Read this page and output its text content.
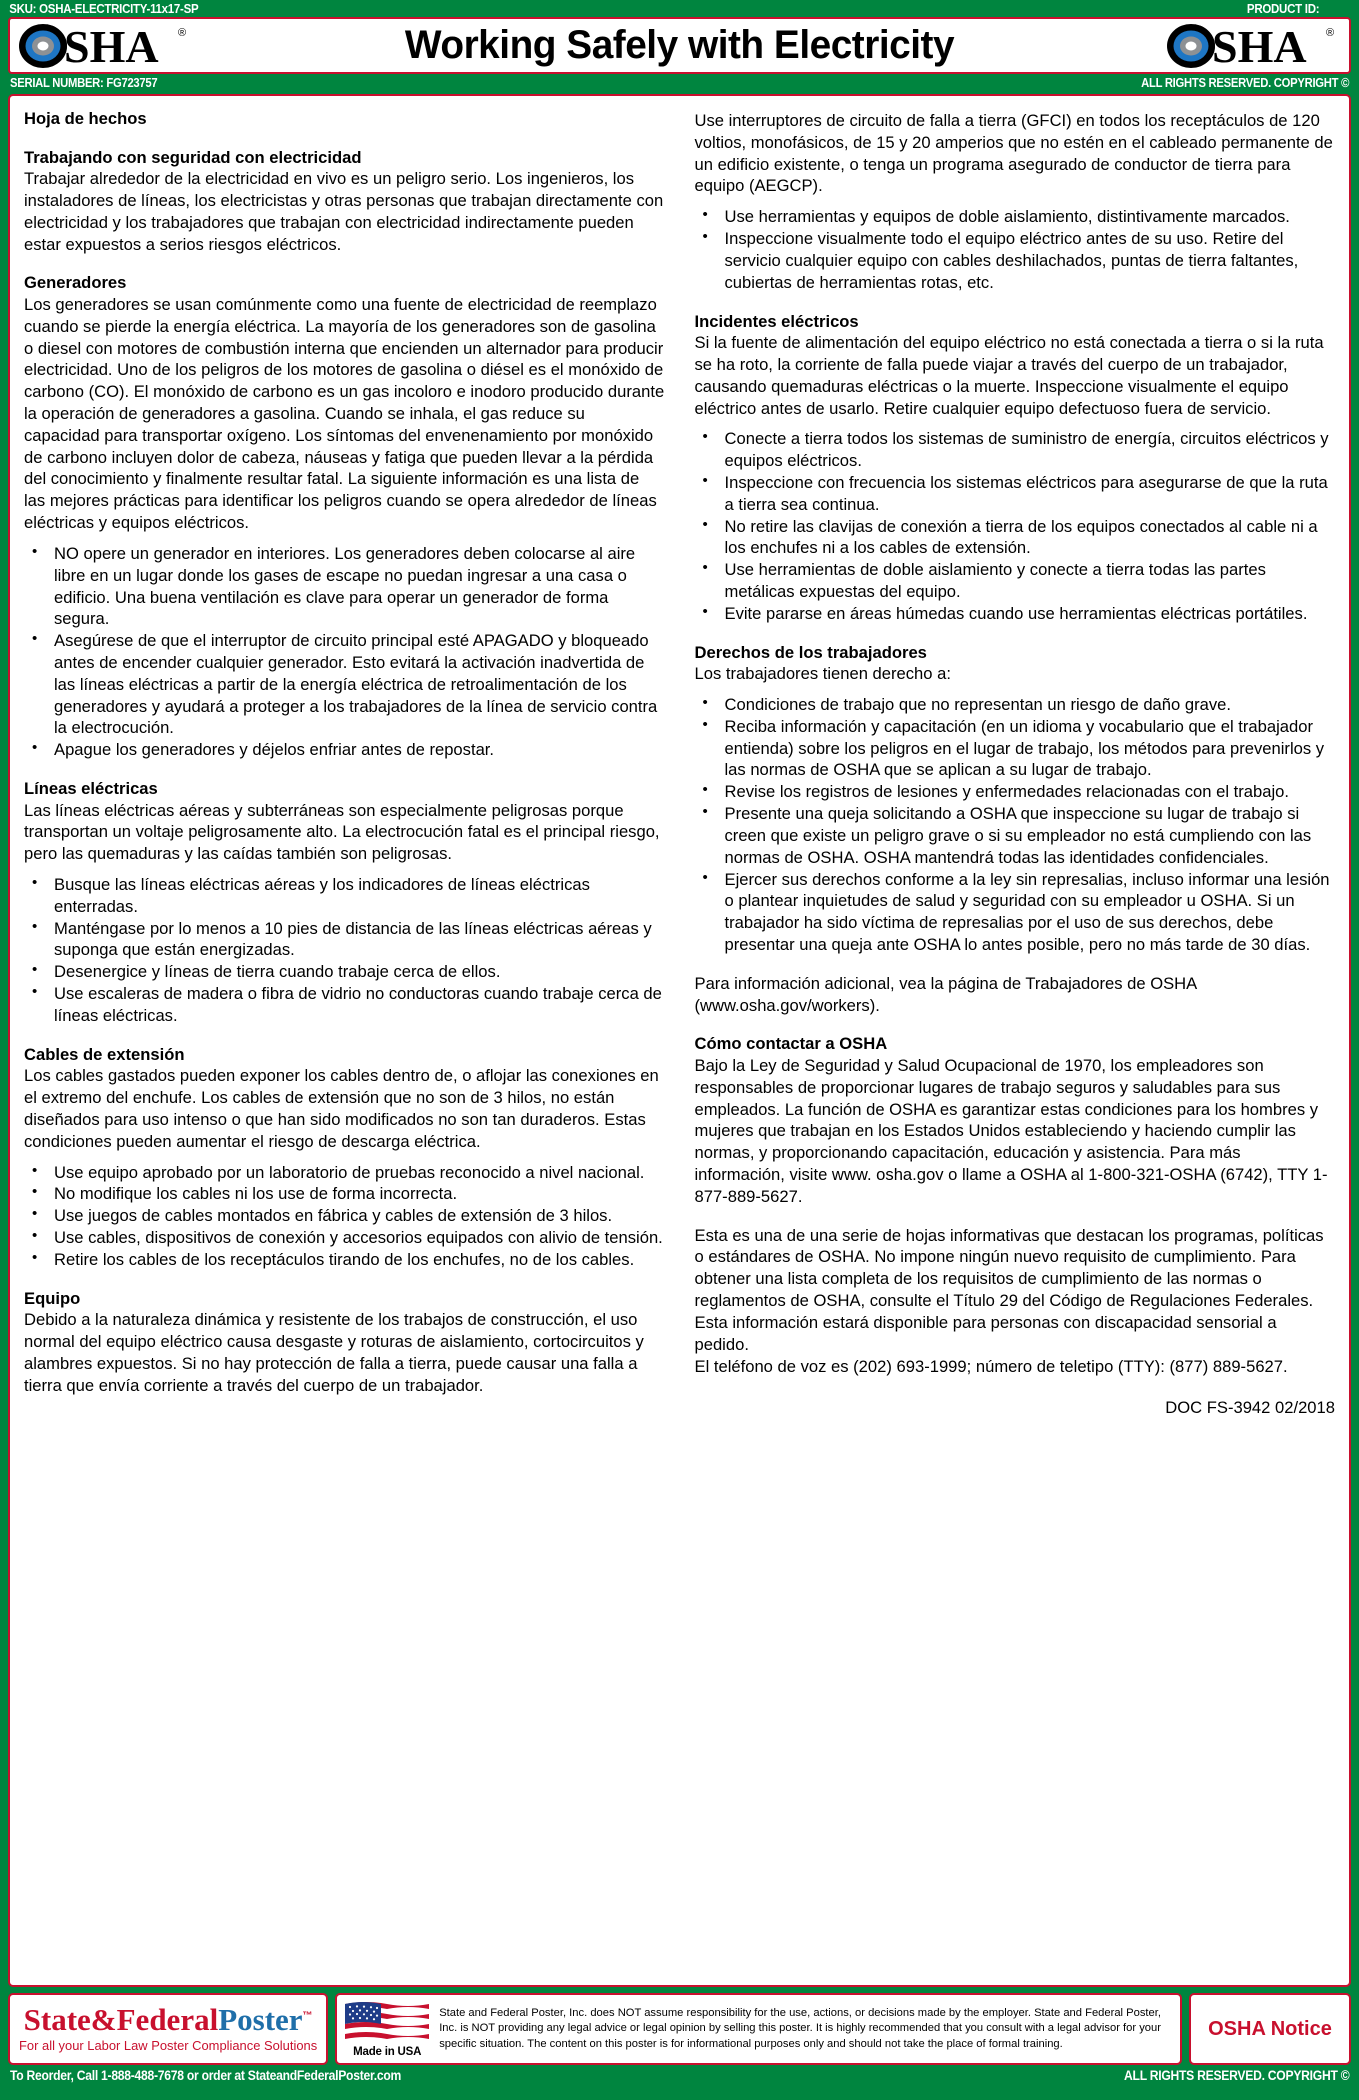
SKU: OSHA-ELECTRICITY-11x17-SP	PRODUCT ID:
SHA ®	Working Safely with Electricity	SHA ®
SERIAL NUMBER: FG723757	ALL RIGHTS RESERVED. COPYRIGHT ©
Hoja de hechos
Trabajando con seguridad con electricidad

Trabajar alrededor de la electricidad en vivo es un peligro serio. Los ingenieros, los instaladores de líneas, los electricistas y otras personas que trabajan directamente con electricidad y los trabajadores que trabajan con electricidad indirectamente pueden estar expuestos a serios riesgos eléctricos.

Generadores

Los generadores se usan comúnmente como una fuente de electricidad de reemplazo cuando se pierde la energía eléctrica. La mayoría de los generadores son de gasolina o diesel con motores de combustión interna que encienden un alternador para producir electricidad. Uno de los peligros de los motores de gasolina o diésel es el monóxido de carbono (CO). El monóxido de carbono es un gas incoloro e inodoro producido durante la operación de generadores a gasolina. Cuando se inhala, el gas reduce su capacidad para transportar oxígeno. Los síntomas del envenenamiento por monóxido de carbono incluyen dolor de cabeza, náuseas y fatiga que pueden llevar a la pérdida del conocimiento y finalmente resultar fatal. La siguiente información es una lista de las mejores prácticas para identificar los peligros cuando se opera alrededor de líneas eléctricas y equipos eléctricos.

• NO opere un generador en interiores. Los generadores deben colocarse al aire libre en un lugar donde los gases de escape no puedan ingresar a una casa o edificio. Una buena ventilación es clave para operar un generador de forma segura.
• Asegúrese de que el interruptor de circuito principal esté APAGADO y bloqueado antes de encender cualquier generador. Esto evitará la activación inadvertida de las líneas eléctricas a partir de la energía eléctrica de retroalimentación de los generadores y ayudará a proteger a los trabajadores de la línea de servicio contra la electrocución.
• Apague los generadores y déjelos enfriar antes de repostar.
Líneas eléctricas

Las líneas eléctricas aéreas y subterráneas son especialmente peligrosas porque transportan un voltaje peligrosamente alto. La electrocución fatal es el principal riesgo, pero las quemaduras y las caídas también son peligrosas.

• Busque las líneas eléctricas aéreas y los indicadores de líneas eléctricas enterradas.
• Manténgase por lo menos a 10 pies de distancia de las líneas eléctricas aéreas y suponga que están energizadas.
• Desenergice y líneas de tierra cuando trabaje cerca de ellos.
• Use escaleras de madera o fibra de vidrio no conductoras cuando trabaje cerca de líneas eléctricas.
Cables de extensión

Los cables gastados pueden exponer los cables dentro de, o aflojar las conexiones en el extremo del enchufe. Los cables de extensión que no son de 3 hilos, no están diseñados para uso intenso o que han sido modificados no son tan duraderos. Estas condiciones pueden aumentar el riesgo de descarga eléctrica.

• Use equipo aprobado por un laboratorio de pruebas reconocido a nivel nacional.
• No modifique los cables ni los use de forma incorrecta.
• Use juegos de cables montados en fábrica y cables de extensión de 3 hilos.
• Use cables, dispositivos de conexión y accesorios equipados con alivio de tensión.
• Retire los cables de los receptáculos tirando de los enchufes, no de los cables.
Equipo

Debido a la naturaleza dinámica y resistente de los trabajos de construcción, el uso normal del equipo eléctrico causa desgaste y roturas de aislamiento, cortocircuitos y alambres expuestos. Si no hay protección de falla a tierra, puede causar una falla a tierra que envía corriente a través del cuerpo de un trabajador.

Use interruptores de circuito de falla a tierra (GFCI) en todos los receptáculos de 120 voltios, monofásicos, de 15 y 20 amperios que no estén en el cableado permanente de un edificio existente, o tenga un programa asegurado de conductor de tierra para equipo (AEGCP).

• Use herramientas y equipos de doble aislamiento, distintivamente marcados.
• Inspeccione visualmente todo el equipo eléctrico antes de su uso. Retire del servicio cualquier equipo con cables deshilachados, puntas de tierra faltantes, cubiertas de herramientas rotas, etc.
Incidentes eléctricos

Si la fuente de alimentación del equipo eléctrico no está conectada a tierra o si la ruta se ha roto, la corriente de falla puede viajar a través del cuerpo de un trabajador, causando quemaduras eléctricas o la muerte. Inspeccione visualmente el equipo eléctrico antes de usarlo. Retire cualquier equipo defectuoso fuera de servicio.

• Conecte a tierra todos los sistemas de suministro de energía, circuitos eléctricos y equipos eléctricos.
• Inspeccione con frecuencia los sistemas eléctricos para asegurarse de que la ruta a tierra sea continua.
• No retire las clavijas de conexión a tierra de los equipos conectados al cable ni a los enchufes ni a los cables de extensión.
• Use herramientas de doble aislamiento y conecte a tierra todas las partes metálicas expuestas del equipo.
• Evite pararse en áreas húmedas cuando use herramientas eléctricas portátiles.
Derechos de los trabajadores

Los trabajadores tienen derecho a:

• Condiciones de trabajo que no representan un riesgo de daño grave.
• Reciba información y capacitación (en un idioma y vocabulario que el trabajador entienda) sobre los peligros en el lugar de trabajo, los métodos para prevenirlos y las normas de OSHA que se aplican a su lugar de trabajo.
• Revise los registros de lesiones y enfermedades relacionadas con el trabajo.
• Presente una queja solicitando a OSHA que inspeccione su lugar de trabajo si creen que existe un peligro grave o si su empleador no está cumpliendo con las normas de OSHA. OSHA mantendrá todas las identidades confidenciales.
• Ejercer sus derechos conforme a la ley sin represalias, incluso informar una lesión o plantear inquietudes de salud y seguridad con su empleador u OSHA. Si un trabajador ha sido víctima de represalias por el uso de sus derechos, debe presentar una queja ante OSHA lo antes posible, pero no más tarde de 30 días.

Para información adicional, vea la página de Trabajadores de OSHA (www.osha.gov/workers).

Cómo contactar a OSHA

Bajo la Ley de Seguridad y Salud Ocupacional de 1970, los empleadores son responsables de proporcionar lugares de trabajo seguros y saludables para sus empleados. La función de OSHA es garantizar estas condiciones para los hombres y mujeres que trabajan en los Estados Unidos estableciendo y haciendo cumplir las normas, y proporcionando capacitación, educación y asistencia. Para más información, visite www. osha.gov o llame a OSHA al 1-800-321-OSHA (6742), TTY 1-877-889-5627.

Esta es una de una serie de hojas informativas que destacan los programas, políticas o estándares de OSHA. No impone ningún nuevo requisito de cumplimiento. Para obtener una lista completa de los requisitos de cumplimiento de las normas o reglamentos de OSHA, consulte el Título 29 del Código de Regulaciones Federales. Esta información estará disponible para personas con discapacidad sensorial a pedido.

El teléfono de voz es (202) 693-1999; número de teletipo (TTY): (877) 889-5627.

DOC FS-3942 02/2018
State&FederalPoster™
For all your Labor Law Poster Compliance Solutions	Made in USA
State and Federal Poster, Inc. does NOT assume responsibility for the use, actions, or decisions made by the employer. State and Federal Poster, Inc. is NOT providing any legal advice or legal opinion by selling this poster. It is highly recommended that you consult with a legal advisor for your specific situation. The content on this poster is for informational purposes only and should not take the place of formal training.
OSHA Notice
To Reorder, Call 1-888-488-7678 or order at StateandFederalPoster.com	ALL RIGHTS RESERVED. COPYRIGHT ©
